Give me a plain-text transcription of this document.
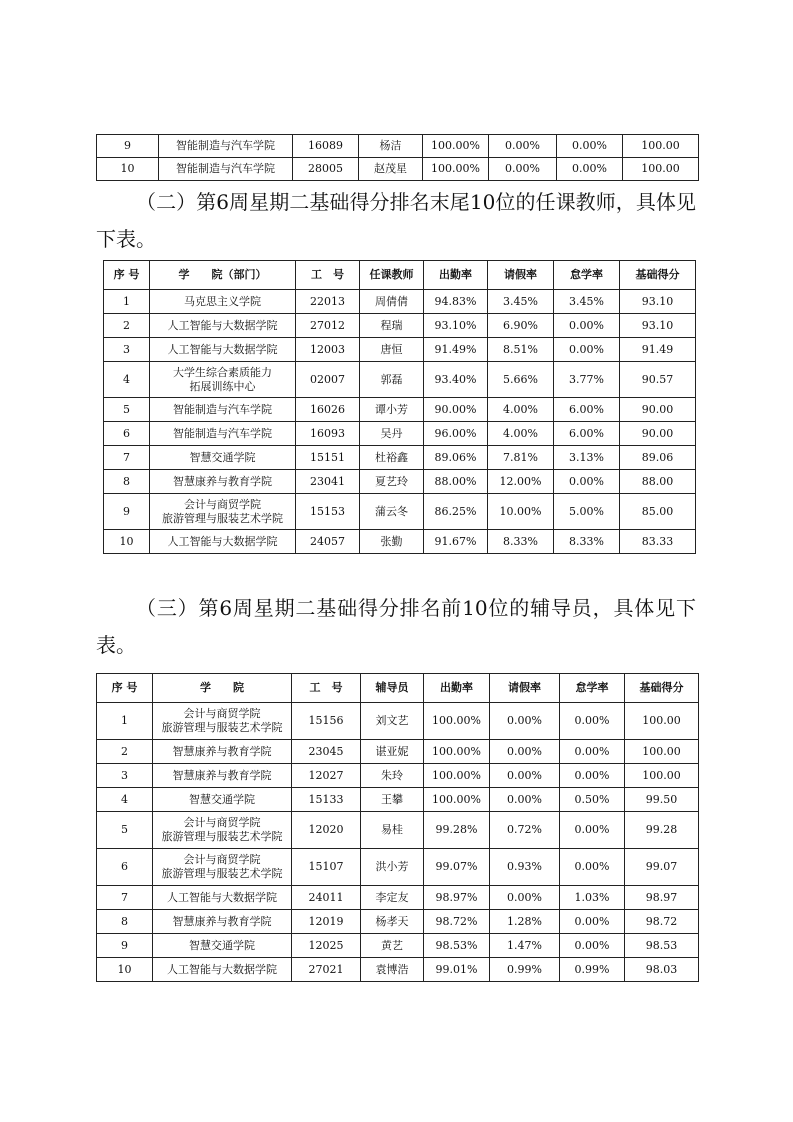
9	智能制造与汽车学院	16089	杨洁	100.00%	0.00%	0.00%	100.00
10	智能制造与汽车学院	28005	赵茂星	100.00%	0.00%	0.00%	100.00

（二）第6周星期二基础得分排名末尾10位的任课教师，具体见下表。

序 号	学　　院（部门）	工　号	任课教师	出勤率	请假率	怠学率	基础得分
1	马克思主义学院	22013	周倩倩	94.83%	3.45%	3.45%	93.10
2	人工智能与大数据学院	27012	程瑞	93.10%	6.90%	0.00%	93.10
3	人工智能与大数据学院	12003	唐恒	91.49%	8.51%	0.00%	91.49
4	大学生综合素质能力
拓展训练中心	02007	郭磊	93.40%	5.66%	3.77%	90.57
5	智能制造与汽车学院	16026	谭小芳	90.00%	4.00%	6.00%	90.00
6	智能制造与汽车学院	16093	吴丹	96.00%	4.00%	6.00%	90.00
7	智慧交通学院	15151	杜裕鑫	89.06%	7.81%	3.13%	89.06
8	智慧康养与教育学院	23041	夏艺玲	88.00%	12.00%	0.00%	88.00
9	会计与商贸学院
旅游管理与服装艺术学院	15153	蒲云冬	86.25%	10.00%	5.00%	85.00
10	人工智能与大数据学院	24057	张勤	91.67%	8.33%	8.33%	83.33

（三）第6周星期二基础得分排名前10位的辅导员，具体见下表。

序 号	学　　院	工　号	辅导员	出勤率	请假率	怠学率	基础得分
1	会计与商贸学院
旅游管理与服装艺术学院	15156	刘文艺	100.00%	0.00%	0.00%	100.00
2	智慧康养与教育学院	23045	谌亚妮	100.00%	0.00%	0.00%	100.00
3	智慧康养与教育学院	12027	朱玲	100.00%	0.00%	0.00%	100.00
4	智慧交通学院	15133	王攀	100.00%	0.00%	0.50%	99.50
5	会计与商贸学院
旅游管理与服装艺术学院	12020	易桂	99.28%	0.72%	0.00%	99.28
6	会计与商贸学院
旅游管理与服装艺术学院	15107	洪小芳	99.07%	0.93%	0.00%	99.07
7	人工智能与大数据学院	24011	李定友	98.97%	0.00%	1.03%	98.97
8	智慧康养与教育学院	12019	杨孝天	98.72%	1.28%	0.00%	98.72
9	智慧交通学院	12025	黄艺	98.53%	1.47%	0.00%	98.53
10	人工智能与大数据学院	27021	袁博浩	99.01%	0.99%	0.99%	98.03
